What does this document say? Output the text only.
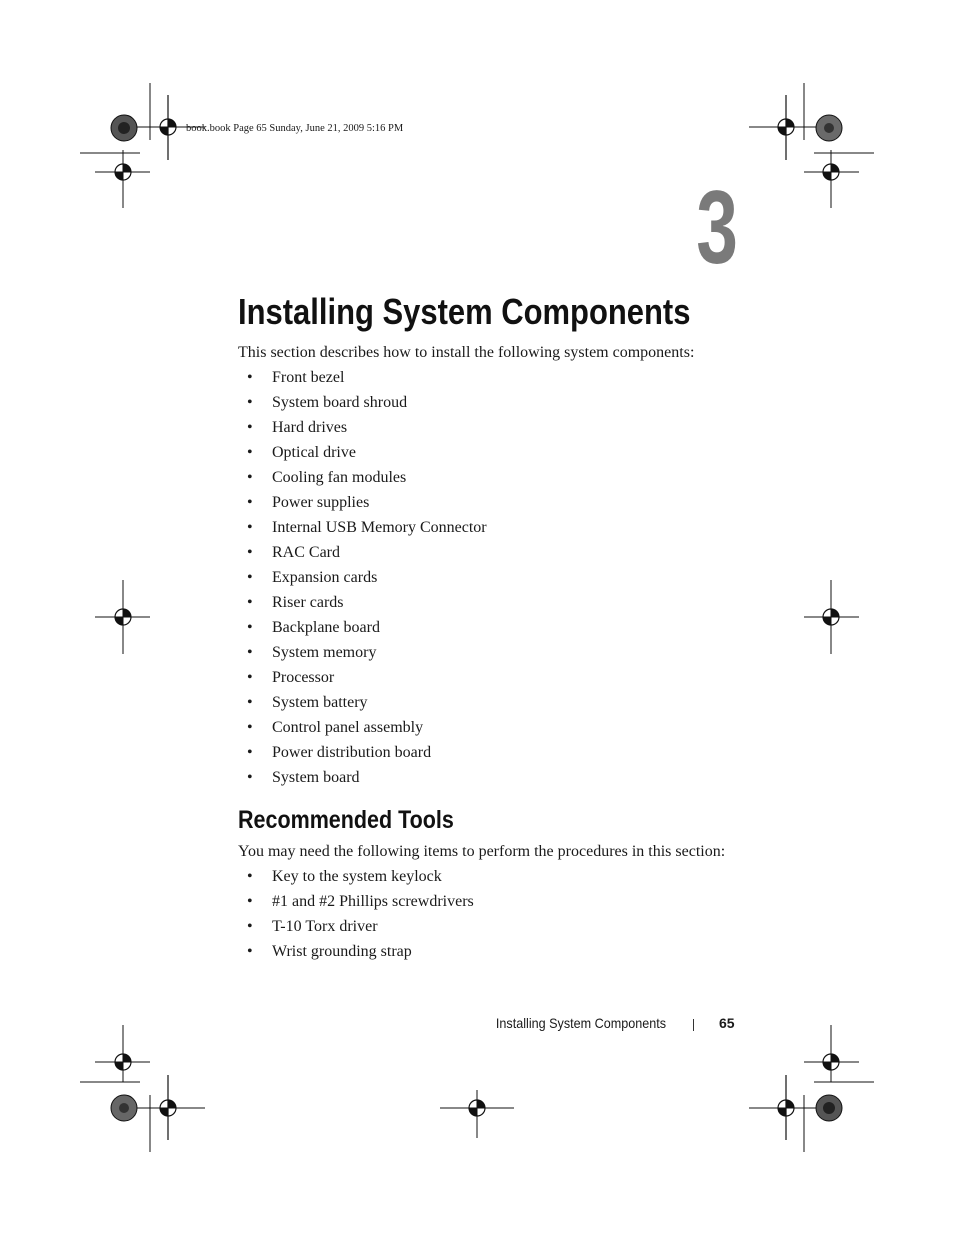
book.book Page 65 Sunday, June 21, 2009 5:16 PM
3
Installing System Components

This section describes how to install the following system components:

• Front bezel
• System board shroud
• Hard drives
• Optical drive
• Cooling fan modules
• Power supplies
• Internal USB Memory Connector
• RAC Card
• Expansion cards
• Riser cards
• Backplane board
• System memory
• Processor
• System battery
• Control panel assembly
• Power distribution board
• System board
Recommended Tools

You may need the following items to perform the procedures in this section:

• Key to the system keylock
• #1 and #2 Phillips screwdrivers
• T-10 Torx driver
• Wrist grounding strap
Installing System Components	65
